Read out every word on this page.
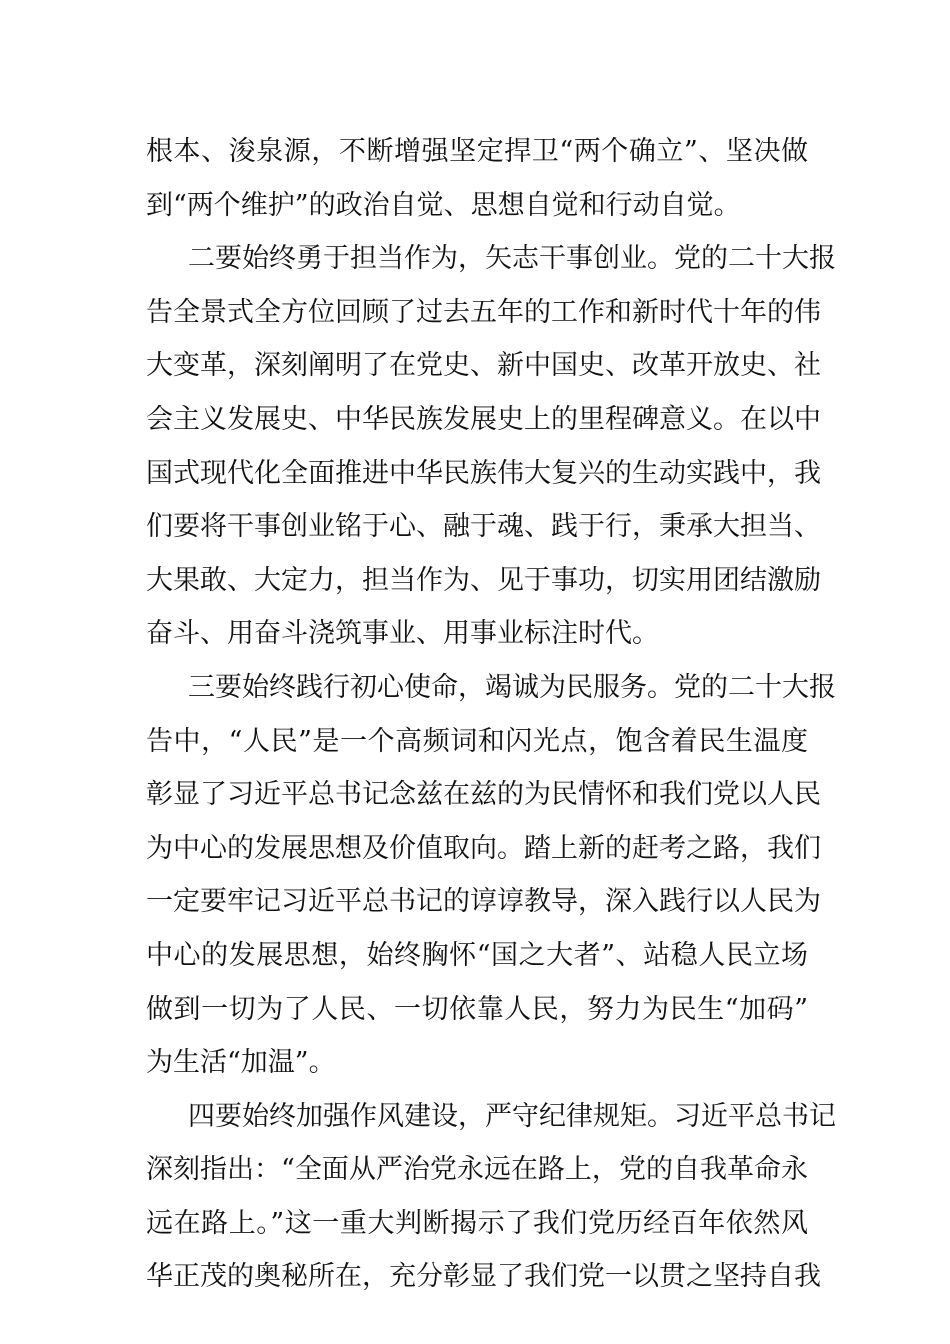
根本、浚泉源，不断增强坚定捍卫“两个确立”、坚决做
到“两个维护”的政治自觉、思想自觉和行动自觉。
二要始终勇于担当作为，矢志干事创业。党的二十大报
告全景式全方位回顾了过去五年的工作和新时代十年的伟
大变革，深刻阐明了在党史、新中国史、改革开放史、社
会主义发展史、中华民族发展史上的里程碑意义。在以中
国式现代化全面推进中华民族伟大复兴的生动实践中，我
们要将干事创业铭于心、融于魂、践于行，秉承大担当、
大果敢、大定力，担当作为、见于事功，切实用团结激励
奋斗、用奋斗浇筑事业、用事业标注时代。
三要始终践行初心使命，竭诚为民服务。党的二十大报
告中，“人民”是一个高频词和闪光点，饱含着民生温度
彰显了习近平总书记念兹在兹的为民情怀和我们党以人民
为中心的发展思想及价值取向。踏上新的赶考之路，我们
一定要牢记习近平总书记的谆谆教导，深入践行以人民为
中心的发展思想，始终胸怀“国之大者”、站稳人民立场
做到一切为了人民、一切依靠人民，努力为民生“加码”
为生活“加温”。
四要始终加强作风建设，严守纪律规矩。习近平总书记
深刻指出：“全面从严治党永远在路上，党的自我革命永
远在路上。”这一重大判断揭示了我们党历经百年依然风
华正茂的奥秘所在，充分彰显了我们党一以贯之坚持自我
